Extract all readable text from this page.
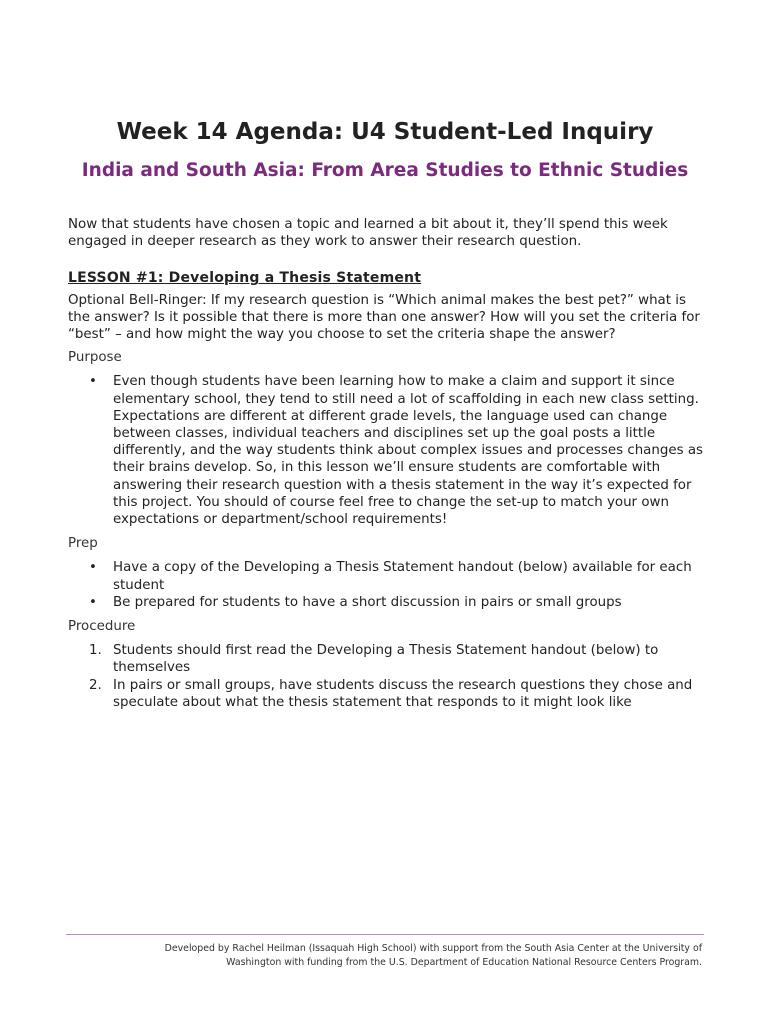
Week 14 Agenda: U4 Student-Led Inquiry
India and South Asia: From Area Studies to Ethnic Studies

Now that students have chosen a topic and learned a bit about it, they’ll spend this week engaged in deeper research as they work to answer their research question.

LESSON #1: Developing a Thesis Statement

Optional Bell-Ringer: If my research question is “Which animal makes the best pet?” what is the answer? Is it possible that there is more than one answer? How will you set the criteria for “best” – and how might the way you choose to set the criteria shape the answer?

Purpose

• Even though students have been learning how to make a claim and support it since elementary school, they tend to still need a lot of scaffolding in each new class setting. Expectations are different at different grade levels, the language used can change between classes, individual teachers and disciplines set up the goal posts a little differently, and the way students think about complex issues and processes changes as their brains develop. So, in this lesson we’ll ensure students are comfortable with answering their research question with a thesis statement in the way it’s expected for this project. You should of course feel free to change the set-up to match your own expectations or department/school requirements!

Prep

• Have a copy of the Developing a Thesis Statement handout (below) available for each student
• Be prepared for students to have a short discussion in pairs or small groups

Procedure

1. Students should first read the Developing a Thesis Statement handout (below) to themselves
2. In pairs or small groups, have students discuss the research questions they chose and speculate about what the thesis statement that responds to it might look like
Developed by Rachel Heilman (Issaquah High School) with support from the South Asia Center at the University of
Washington with funding from the U.S. Department of Education National Resource Centers Program.
